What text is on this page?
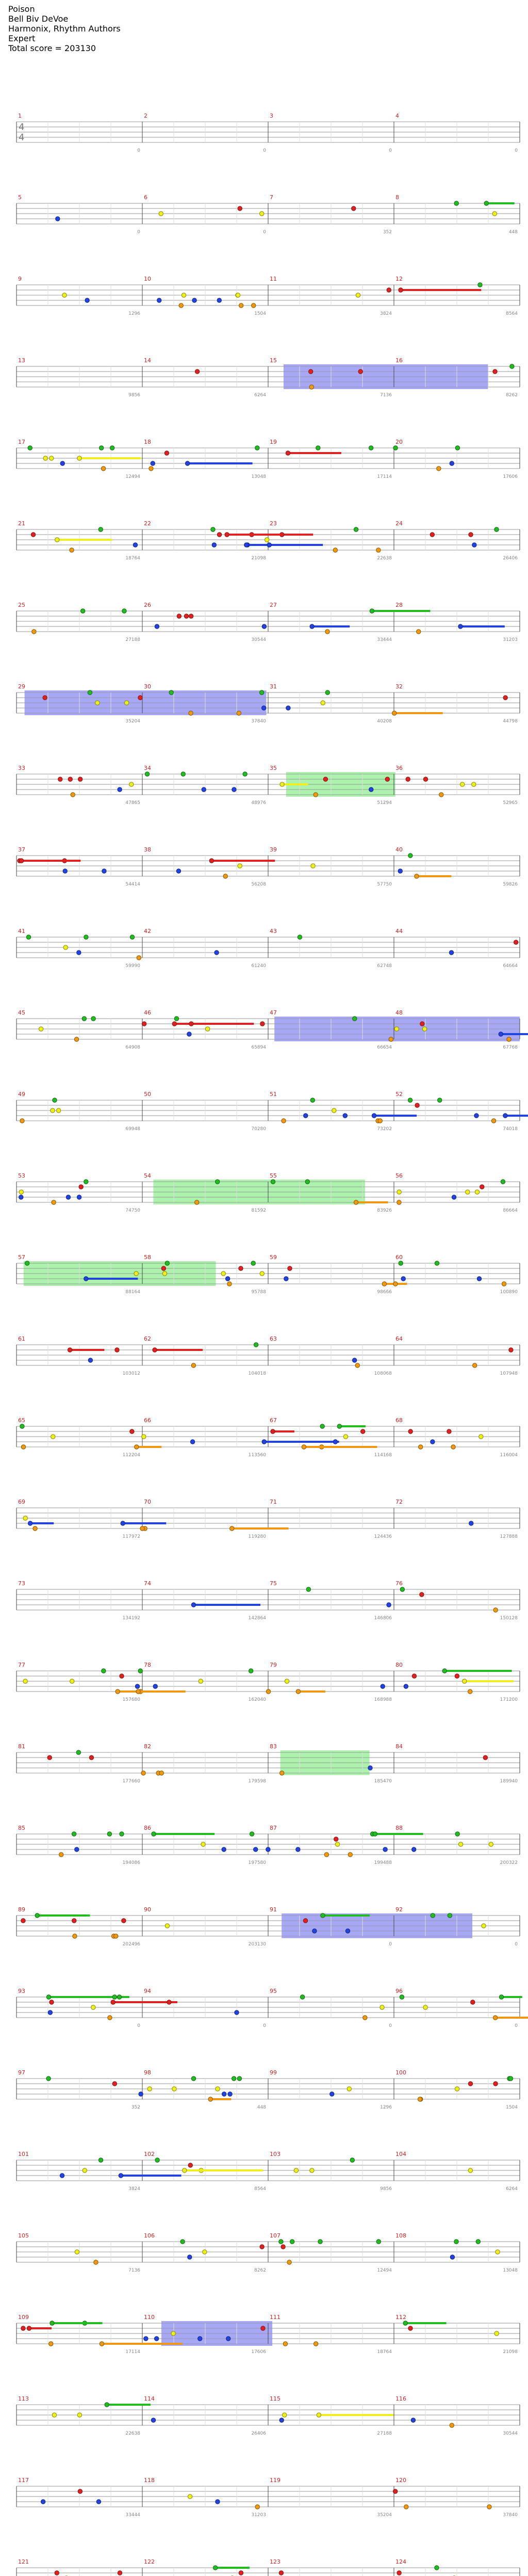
Poison
Bell Biv DeVoe
Harmonix, Rhythm Authors
Expert
Total score = 203130
1	2	3	4
4
4
0	0	0	0
5	6	7	8
0	0	352	448
9	10	11	12
1296	1504	3824	8564
13	14	15	16
9856	6264	7136	8262
17	18	19	20
12494	13048	17114	17606
21	22	23	24
18764	21098	22638	26406
25	26	27	28
27188	30544	33444	31203
29	30	31	32
35204	37840	40208	44798
33	34	35	36
47865	48976	51294	52965
37	38	39	40
54414	56208	57750	59826
41	42	43	44
59990	61240	62748	64664
45	46	47	48
64908	65894	66654	67768
49	50	51	52
69948	70280	73202	74018
53	54	55	56
74750	81592	83926	86664
57	58	59	60
88164	95788	98666	100890
61	62	63	64
103012	104018	108068	107948
65	66	67	68
112204	113560	114168	116004
69	70	71	72
117972	119280	124436	127888
73	74	75	76
134192	142864	146806	150128
77	78	79	80
157680	162040	168988	171200
81	82	83	84
177660	179598	185470	189940
85	86	87	88
194086	197580	199488	200322
89	90	91	92
202496	203130	0	0
93	94	95	96
0	0	0	0
97	98	99	100
352	448	1296	1504
101	102	103	104
3824	8564	9856	6264
105	106	107	108
7136	8262	12494	13048
109	110	111	112
17114	17606	18764	21098
113	114	115	116
22638	26406	27188	30544
117	118	119	120
33444	31203	35204	37840
121	122	123	124
